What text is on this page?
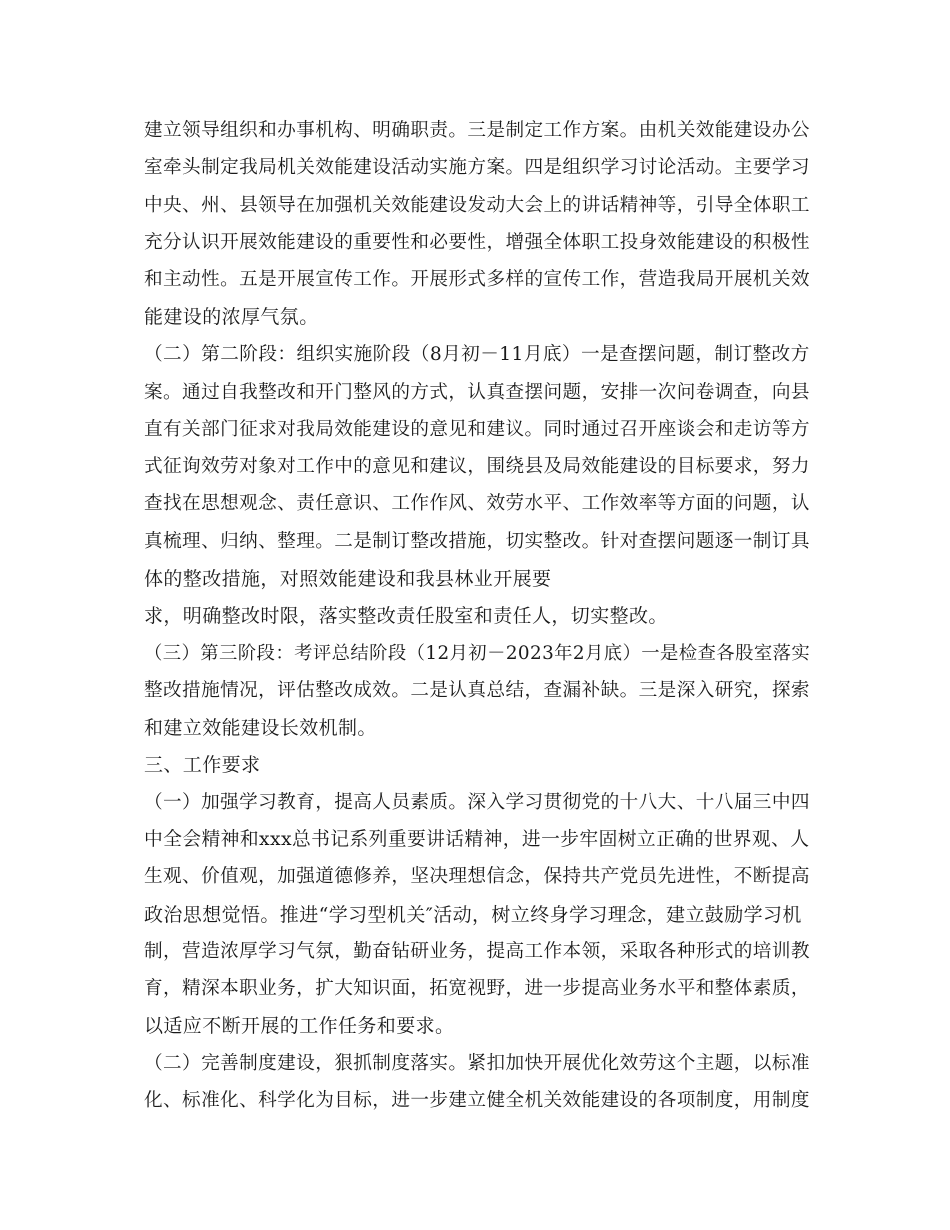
建立领导组织和办事机构、明确职责。三是制定工作方案。由机关效能建设办公
室牵头制定我局机关效能建设活动实施方案。四是组织学习讨论活动。主要学习
中央、州、县领导在加强机关效能建设发动大会上的讲话精神等，引导全体职工
充分认识开展效能建设的重要性和必要性，增强全体职工投身效能建设的积极性
和主动性。五是开展宣传工作。开展形式多样的宣传工作，营造我局开展机关效
能建设的浓厚气氛。
（二）第二阶段：组织实施阶段（8月初－11月底）一是查摆问题，制订整改方
案。通过自我整改和开门整风的方式，认真查摆问题，安排一次问卷调查，向县
直有关部门征求对我局效能建设的意见和建议。同时通过召开座谈会和走访等方
式征询效劳对象对工作中的意见和建议，围绕县及局效能建设的目标要求，努力
查找在思想观念、责任意识、工作作风、效劳水平、工作效率等方面的问题，认
真梳理、归纳、整理。二是制订整改措施，切实整改。针对查摆问题逐一制订具
体的整改措施，对照效能建设和我县林业开展要
求，明确整改时限，落实整改责任股室和责任人，切实整改。
（三）第三阶段：考评总结阶段（12月初－2023年2月底）一是检查各股室落实
整改措施情况，评估整改成效。二是认真总结，查漏补缺。三是深入研究，探索
和建立效能建设长效机制。
三、工作要求
（一）加强学习教育，提高人员素质。深入学习贯彻党的十八大、十八届三中四
中全会精神和xxx总书记系列重要讲话精神，进一步牢固树立正确的世界观、人
生观、价值观，加强道德修养，坚决理想信念，保持共产党员先进性，不断提高
政治思想觉悟。推进“学习型机关″活动，树立终身学习理念，建立鼓励学习机
制，营造浓厚学习气氛，勤奋钻研业务，提高工作本领，采取各种形式的培训教
育，精深本职业务，扩大知识面，拓宽视野，进一步提高业务水平和整体素质，
以适应不断开展的工作任务和要求。
（二）完善制度建设，狠抓制度落实。紧扣加快开展优化效劳这个主题，以标准
化、标准化、科学化为目标，进一步建立健全机关效能建设的各项制度，用制度
